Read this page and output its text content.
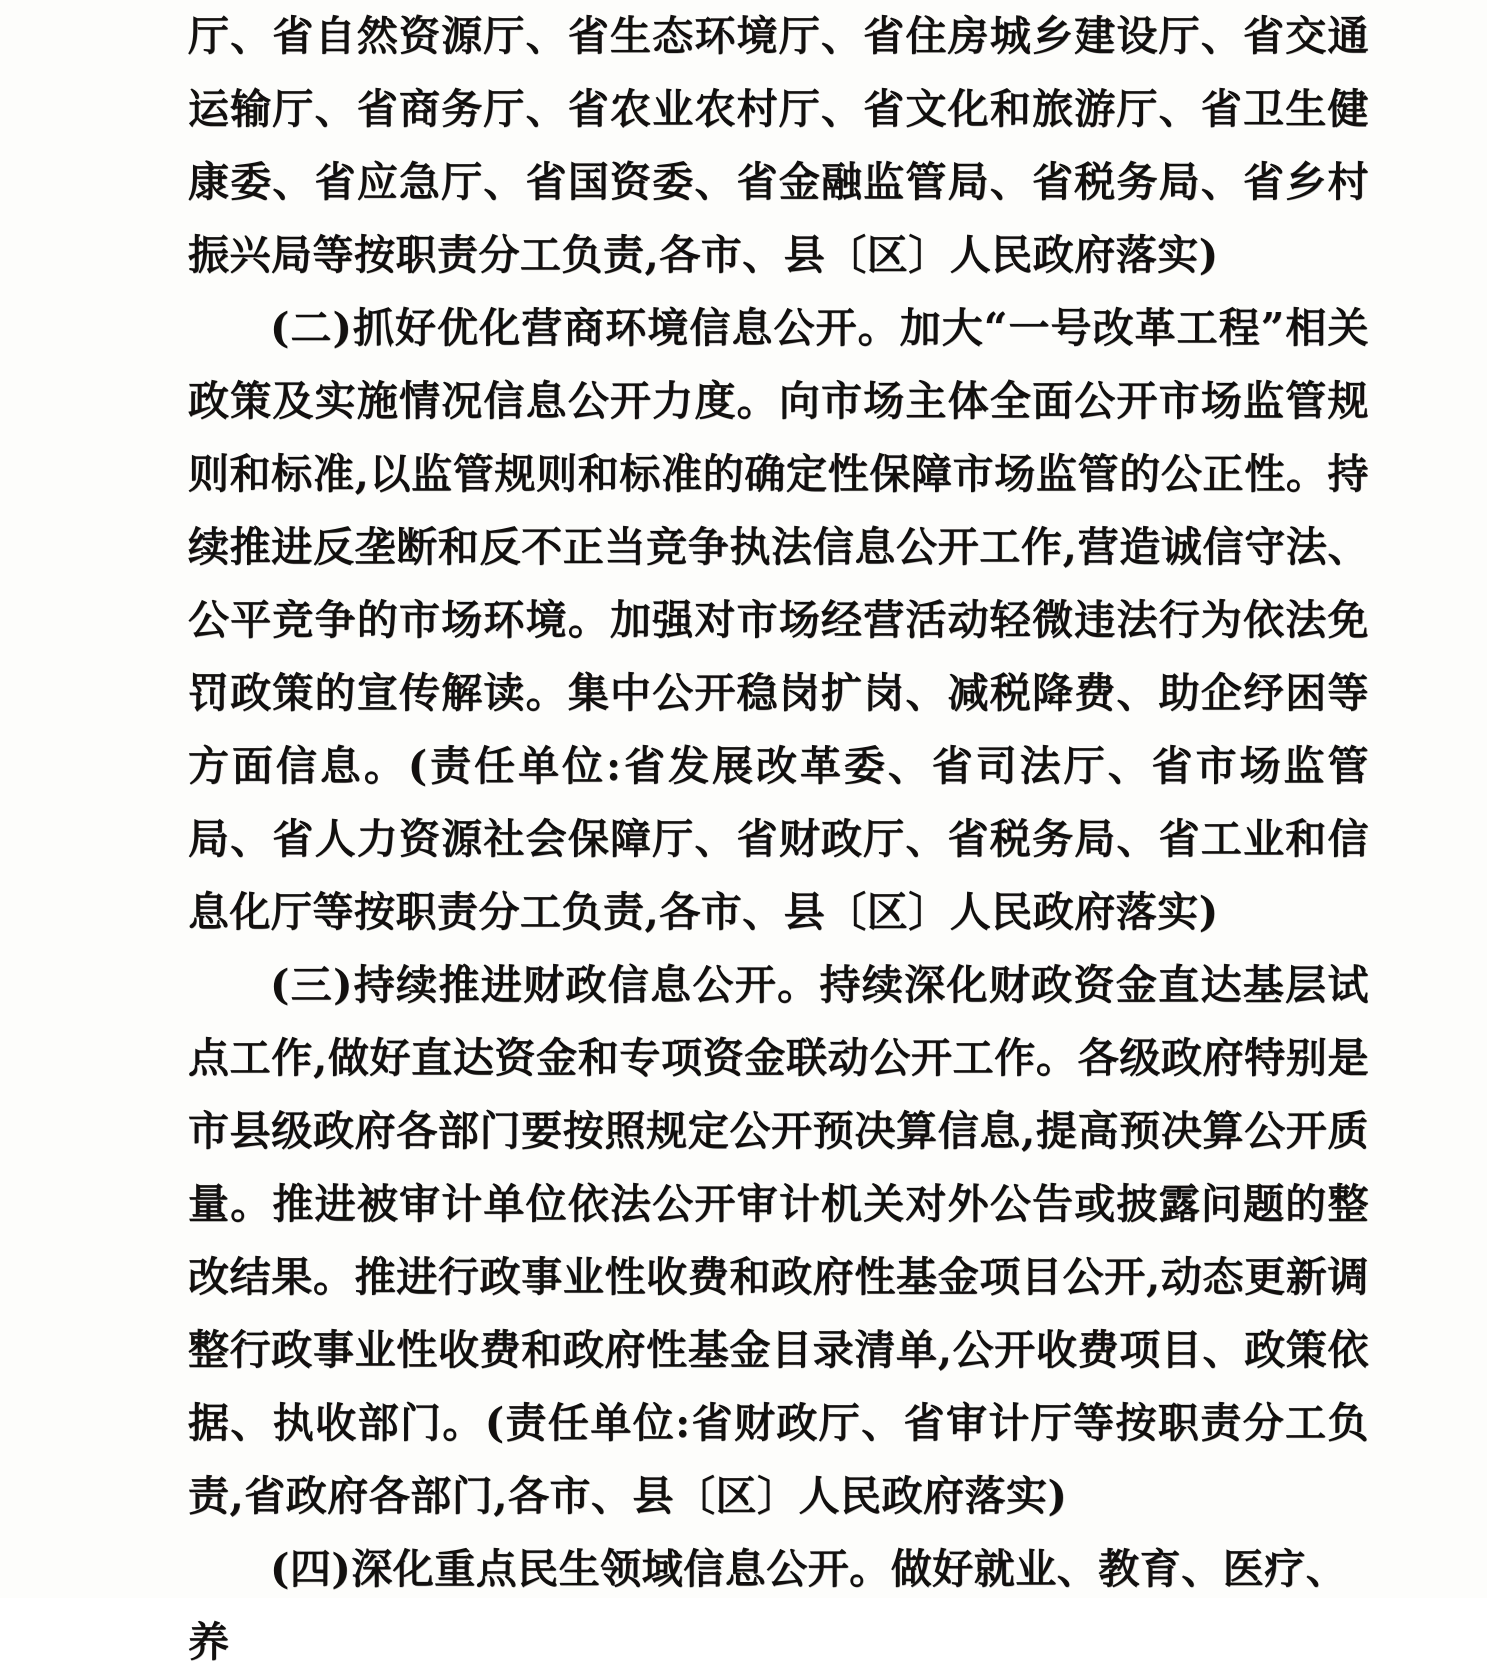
厅、省自然资源厅、省生态环境厅、省住房城乡建设厅、省交通运输厅、省商务厅、省农业农村厅、省文化和旅游厅、省卫生健康委、省应急厅、省国资委、省金融监管局、省税务局、省乡村振兴局等按职责分工负责,各市、县〔区〕人民政府落实)

(二)抓好优化营商环境信息公开。加大“一号改革工程”相关政策及实施情况信息公开力度。向市场主体全面公开市场监管规则和标准,以监管规则和标准的确定性保障市场监管的公正性。持续推进反垄断和反不正当竞争执法信息公开工作,营造诚信守法、公平竞争的市场环境。加强对市场经营活动轻微违法行为依法免罚政策的宣传解读。集中公开稳岗扩岗、减税降费、助企纾困等方面信息。(责任单位:省发展改革委、省司法厅、省市场监管局、省人力资源社会保障厅、省财政厅、省税务局、省工业和信息化厅等按职责分工负责,各市、县〔区〕人民政府落实)

(三)持续推进财政信息公开。持续深化财政资金直达基层试点工作,做好直达资金和专项资金联动公开工作。各级政府特别是市县级政府各部门要按照规定公开预决算信息,提高预决算公开质量。推进被审计单位依法公开审计机关对外公告或披露问题的整改结果。推进行政事业性收费和政府性基金项目公开,动态更新调整行政事业性收费和政府性基金目录清单,公开收费项目、政策依据、执收部门。(责任单位:省财政厅、省审计厅等按职责分工负责,省政府各部门,各市、县〔区〕人民政府落实)

(四)深化重点民生领域信息公开。做好就业、教育、医疗、养
